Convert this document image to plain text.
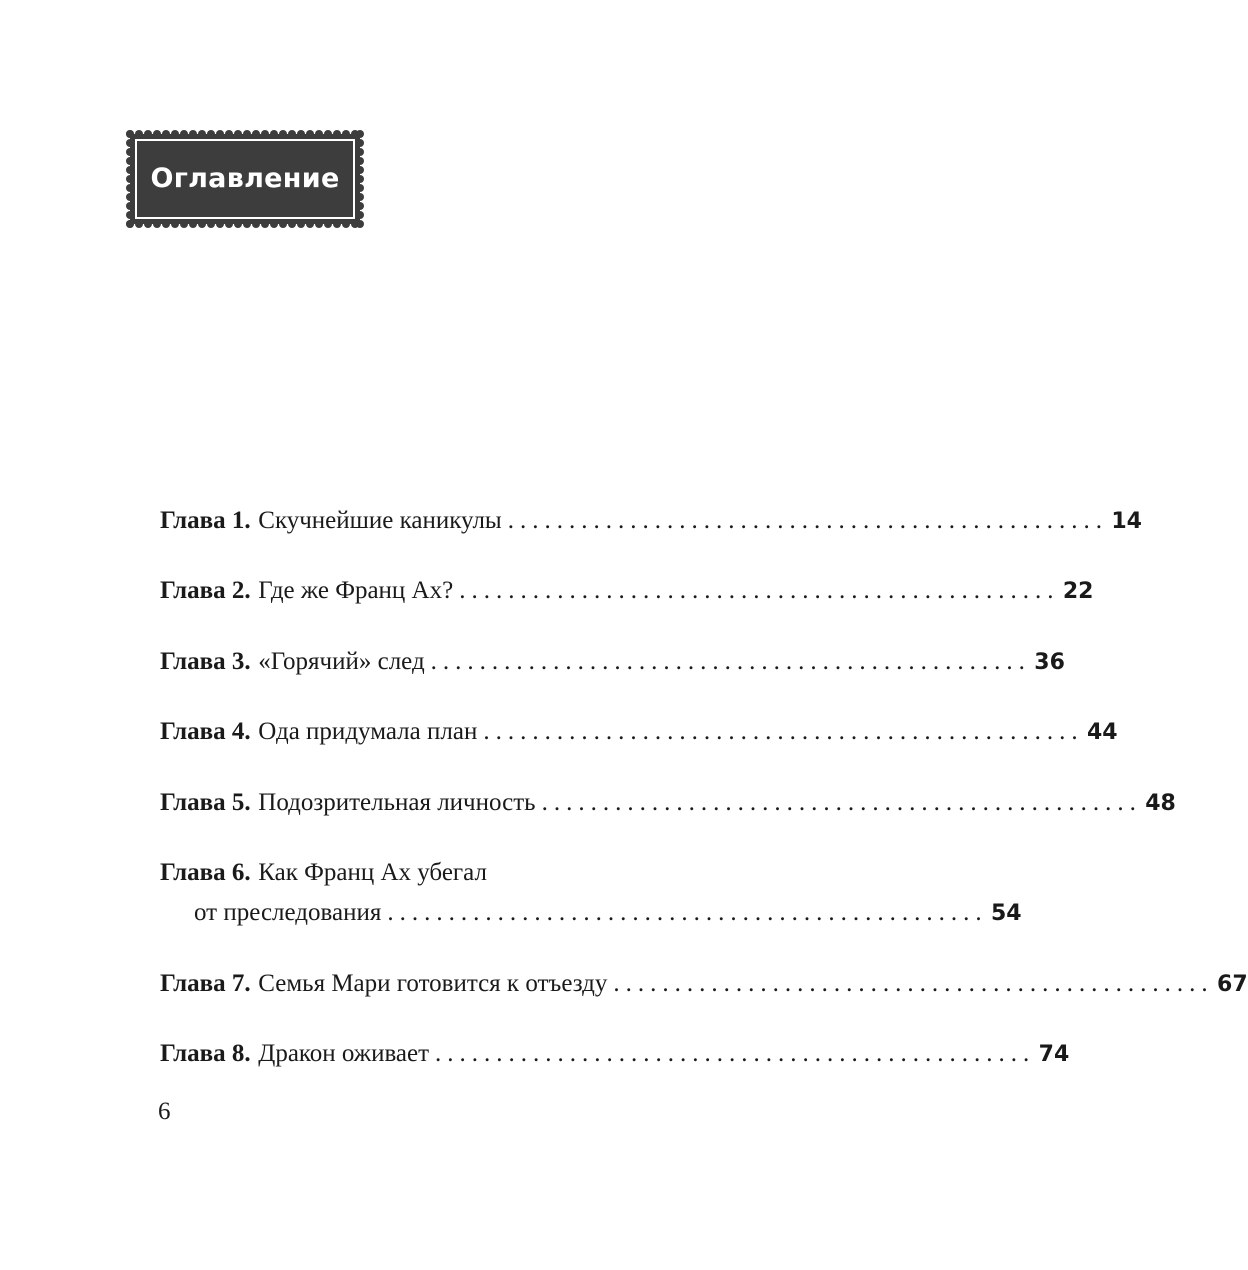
Оглавление
Глава 1.
Скучнейшие каникулы ................................................. 14
Глава 2.
Где же Франц Ах? ................................................. 22
Глава 3.
«Горячий» след ................................................. 36
Глава 4.
Ода придумала план ................................................. 44
Глава 5.
Подозрительная личность ................................................. 48
Глава 6.
Как Франц Ах убегал
от преследования ................................................. 54
Глава 7.
Семья Мари готовится к отъезду ................................................. 67
Глава 8.
Дракон оживает ................................................. 74
6
